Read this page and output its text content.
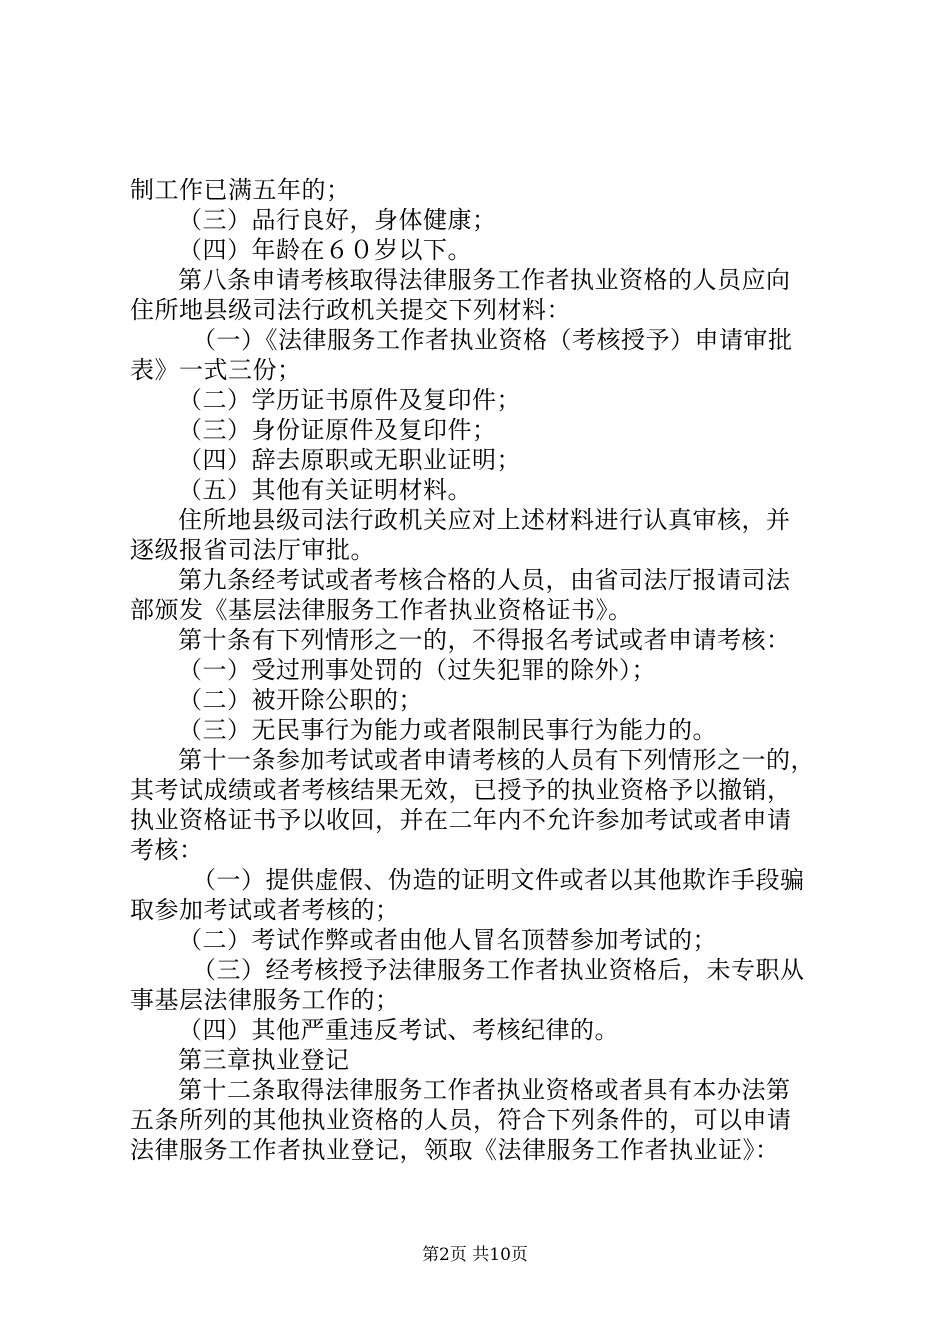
制工作已满五年的；
（三）品行良好，身体健康；
（四）年龄在６０岁以下。
第八条申请考核取得法律服务工作者执业资格的人员应向
住所地县级司法行政机关提交下列材料：
（一）《法律服务工作者执业资格（考核授予）申请审批
表》一式三份；
（二）学历证书原件及复印件；
（三）身份证原件及复印件；
（四）辞去原职或无职业证明；
（五）其他有关证明材料。
住所地县级司法行政机关应对上述材料进行认真审核，并
逐级报省司法厅审批。
第九条经考试或者考核合格的人员，由省司法厅报请司法
部颁发《基层法律服务工作者执业资格证书》。
第十条有下列情形之一的，不得报名考试或者申请考核：
（一）受过刑事处罚的（过失犯罪的除外）；
（二）被开除公职的；
（三）无民事行为能力或者限制民事行为能力的。
第十一条参加考试或者申请考核的人员有下列情形之一的，
其考试成绩或者考核结果无效，已授予的执业资格予以撤销，
执业资格证书予以收回，并在二年内不允许参加考试或者申请
考核：
（一）提供虚假、伪造的证明文件或者以其他欺诈手段骗
取参加考试或者考核的；
（二）考试作弊或者由他人冒名顶替参加考试的；
（三）经考核授予法律服务工作者执业资格后，未专职从
事基层法律服务工作的；
（四）其他严重违反考试、考核纪律的。
第三章执业登记
第十二条取得法律服务工作者执业资格或者具有本办法第
五条所列的其他执业资格的人员，符合下列条件的，可以申请
法律服务工作者执业登记，领取《法律服务工作者执业证》：
第2页 共10页
